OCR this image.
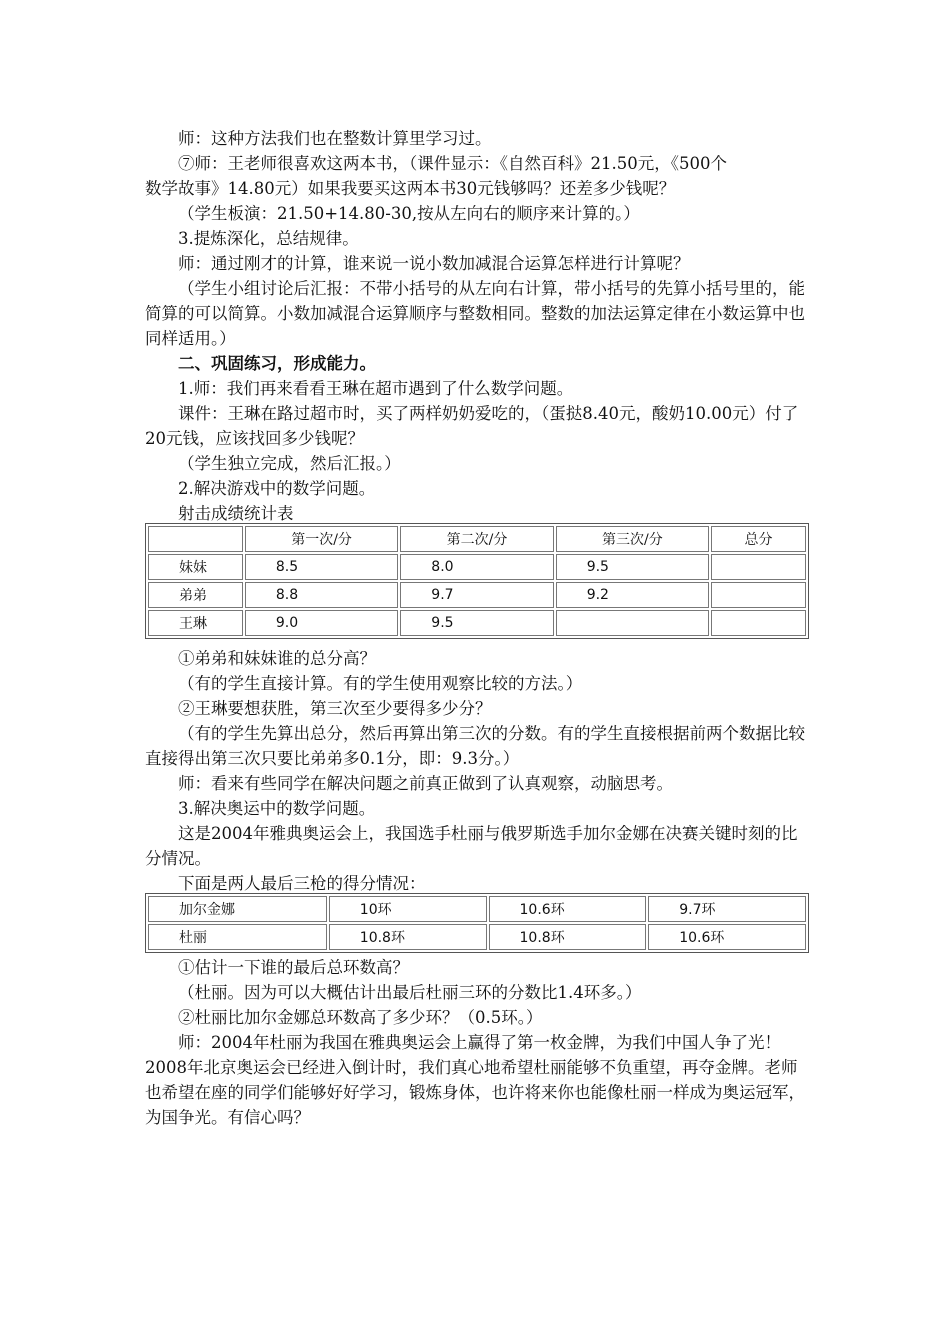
师：这种方法我们也在整数计算里学习过。
⑦师：王老师很喜欢这两本书，（课件显示：《自然百科》21.50元，《500个
数学故事》14.80元）如果我要买这两本书30元钱够吗？还差多少钱呢？
（学生板演：21.50+14.80-30,按从左向右的顺序来计算的。）
3.提炼深化，总结规律。
师：通过刚才的计算，谁来说一说小数加减混合运算怎样进行计算呢？
（学生小组讨论后汇报：不带小括号的从左向右计算，带小括号的先算小括号里的，能简算的可以简算。小数加减混合运算顺序与整数相同。整数的加法运算定律在小数运算中也同样适用。）
二、巩固练习，形成能力。
1.师：我们再来看看王琳在超市遇到了什么数学问题。
课件：王琳在路过超市时，买了两样奶奶爱吃的，（蛋挞8.40元，酸奶10.00元）付了20元钱，应该找回多少钱呢？
（学生独立完成，然后汇报。）
2.解决游戏中的数学问题。
射击成绩统计表
	第一次/分	第二次/分	第三次/分	总分
妹妹	8.5	8.0	9.5	
弟弟	8.8	9.7	9.2	
王琳	9.0	9.5		
①弟弟和妹妹谁的总分高？
（有的学生直接计算。有的学生使用观察比较的方法。）
②王琳要想获胜，第三次至少要得多少分？
（有的学生先算出总分，然后再算出第三次的分数。有的学生直接根据前两个数据比较直接得出第三次只要比弟弟多0.1分，即：9.3分。）
师：看来有些同学在解决问题之前真正做到了认真观察，动脑思考。
3.解决奥运中的数学问题。
这是2004年雅典奥运会上，我国选手杜丽与俄罗斯选手加尔金娜在决赛关键时刻的比分情况。
下面是两人最后三枪的得分情况：
加尔金娜	10环	10.6环	9.7环
杜丽	10.8环	10.8环	10.6环
①估计一下谁的最后总环数高？
（杜丽。因为可以大概估计出最后杜丽三环的分数比1.4环多。）
②杜丽比加尔金娜总环数高了多少环？（0.5环。）
师：2004年杜丽为我国在雅典奥运会上赢得了第一枚金牌，为我们中国人争了光！2008年北京奥运会已经进入倒计时，我们真心地希望杜丽能够不负重望，再夺金牌。老师也希望在座的同学们能够好好学习，锻炼身体，也许将来你也能像杜丽一样成为奥运冠军，为国争光。有信心吗？
